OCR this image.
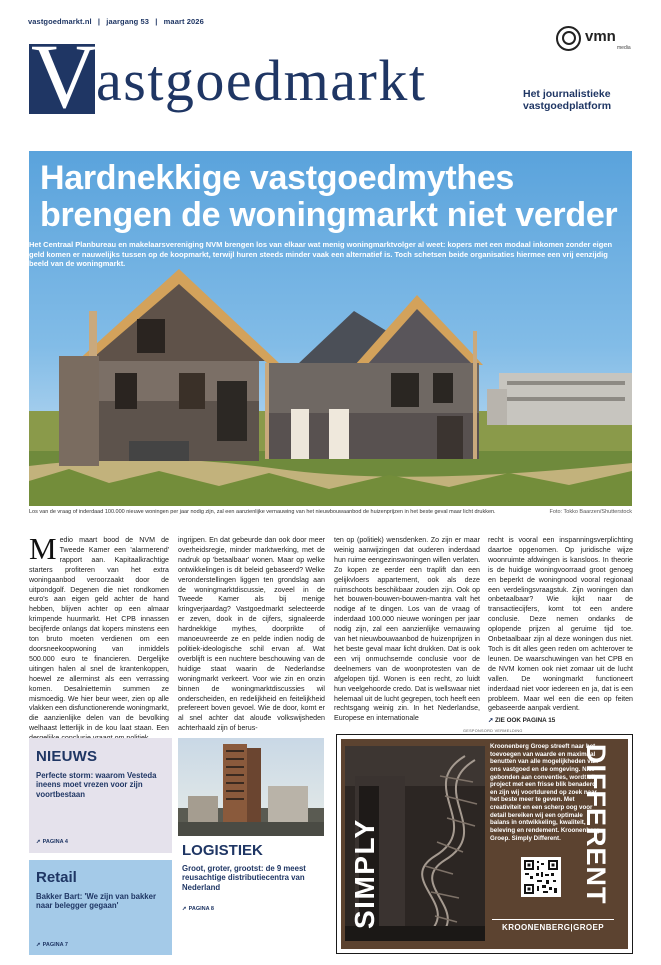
vastgoedmarkt.nl | jaargang 53 | maart 2026
vmn
media
V
astgoedmarkt	Het journalistieke
vastgoedplatform
Hardnekkige vastgoedmythes
brengen de woningmarkt niet verder
Het Centraal Planbureau en makelaarsvereniging NVM brengen los van elkaar wat menig woningmarktvolger al weet: kopers met een modaal inkomen zonder eigen geld komen er nauwelijks tussen op de koopmarkt, terwijl huren steeds minder vaak een alternatief is. Toch schetsen beide organisaties hiermee een vrij eenzijdig beeld van de woningmarkt.
Los van de vraag of inderdaad 100.000 nieuwe woningen per jaar nodig zijn, zal een aanzienlijke vernauwing van het nieuwbouwaanbod de huizenprijzen in het beste geval maar licht drukken.	Foto: Tokko Baarzen/Shutterstock
M edio maart bood de NVM de Tweede Kamer een 'alarmerend' rapport aan. Kapitaalkrachtige starters profiteren van het extra woningaanbod veroorzaakt door de uitpondgolf. Degenen die niet rondkomen euro's aan eigen geld achter de hand hebben, blijven achter op een almaar krimpende huurmarkt. Het CPB innassen becijferde onlangs dat kopers minstens een ton bruto moeten verdienen om een doorsneekoopwoning van inmiddels 500.000 euro te financieren. Dergelijke uitingen halen al snel de krantenkoppen, hoewel ze allerminst als een verrassing komen. Desalniettemin summen ze mismoedig. We hier beur weer, zien op alle vlakken een disfunctionerende woningmarkt, die aanzienlijke delen van de bevolking welhaast letterlijk in de kou laat staan. Een

ingrijpen. En dat gebeurde dan ook door meer overheidsregie, minder marktwerking, met de nadruk op 'betaalbaar' wonen. Maar op welke ontwikkelingen is dit beleid gebaseerd? Welke veronderstellingen liggen ten grondslag aan de woningmarktdiscussie, zoveel in de Tweede Kamer als bij menige kringverjaardag? Vastgoedmarkt selecteerde er zeven, dook in de cijfers, signaleerde hardnekkige mythes, doorprikte of manoeuvreerde ze en pelde indien nodig de politiek-ideologische schil ervan af. Wat overblijft is een nuchtere beschouwing van de huidige staat waarin de Nederlandse woningmarkt verkeert. Voor wie zin en onzin binnen de woningmarktdiscussies wil onderscheiden, en redelijkheid en feitelijkheid prefereert boven gevoel. Wie de door, komt er al snel achter dat alouđe volkswijsheden achterhaald zijn of berus-

ten op (politiek) wensdenken. Zo zijn er maar weinig aanwijzingen dat ouderen inderdaad hun ruime eengezinswoningen willen verlaten. Zo kopen ze eerder een traplift dan een gelijkvloers appartement, ook als deze ruimschoots beschikbaar zouden zijn. Ook op het bouwen-bouwen-bouwen-mantra valt het nodige af te dingen. Los van de vraag of inderdaad 100.000 nieuwe woningen per jaar nodig zijn, zal een aanzienlijke vernauwing van het nieuwbouwaanbod de huizenprijzen in het beste geval maar licht drukken. Dat is ook een vrij onmuchsernde conclusie voor de deelnemers van de woonprotesten van de afgelopen tijd. Wonen is een recht, zo luidt hun veelgehoorde credo. Dat is wellswaar niet helemaal uit de lucht gegrepen, toch heeft een rechtsgang weinig zin. In het Nederlandse, Europese en internationale

recht is vooral een inspanningsverplichting daartoe opgenomen. Op juridische wijze woonruimte afdwingen is kansloos. In theorie is de huidige woningvoorraad groot genoeg en beperkt de woningnood vooral regionaal een verdelingsvraagstuk. Zijn woningen dan onbetaalbaar? Wie kijkt naar de transactiecijfers, komt tot een andere conclusie. Deze nemen ondanks de oplopende prijzen al geruime tijd toe. Onbetaalbaar zijn al deze woningen dus niet. Toch is dit alles geen reden om achterover te leunen. De waarschuwingen van het CPB en de NVM komen ook niet zomaar uit de lucht vallen. De woningmarkt functioneert inderdaad niet voor iedereen en ja, dat is een probleem. Maar wel een die een op feiten gebaseerde aanpak verdient.

➚ ZIE OOK PAGINA 15
NIEUWS
Perfecte storm: waarom Vesteda ineens moet vrezen voor zijn voortbestaan
➚ PAGINA 4
Retail
Bakker Bart: 'We zijn van bakker naar belegger gegaan'
➚ PAGINA 7
LOGISTIEK
Groot, groter, grootst: de 9 meest reusachtige distributiecentra van Nederland
➚ PAGINA 8
GESPONSORD VERMELDING
SIMPLY
Kroonenberg Groep streeft naar het toevoegen van waarde en maximaal benutten van alle mogelijkheden van ons vastgoed en de omgeving. Niet gebonden aan conventies, wordt elk project met een frisse blik benaderd en zijn wij voortdurend op zoek naar het beste meer te geven. Met creativiteit en een scherp oog voor detail bereiken wij een optimale balans in ontwikkeling, kwaliteit, beleving en rendement. Kroonenberg Groep. Simply Different. DIFFERENT
KROONENBERG|GROEP
